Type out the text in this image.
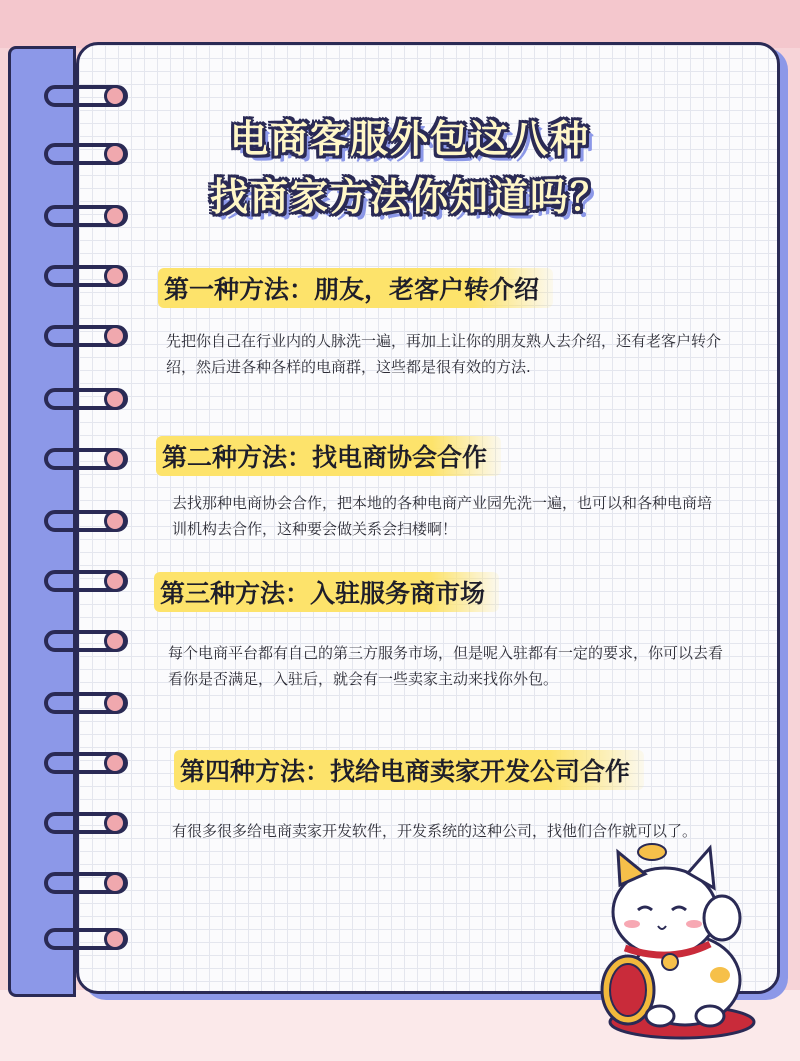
电商客服外包这八种
找商家方法你知道吗？
第一种方法：朋友，老客户转介绍
先把你自己在行业内的人脉洗一遍，再加上让你的朋友熟人去介绍，还有老客户转介绍，然后进各种各样的电商群，这些都是很有效的方法.
第二种方法：找电商协会合作
去找那种电商协会合作，把本地的各种电商产业园先洗一遍，也可以和各种电商培训机构去合作，这种要会做关系会扫楼啊！
第三种方法：入驻服务商市场
每个电商平台都有自己的第三方服务市场，但是呢入驻都有一定的要求，你可以去看看你是否满足，入驻后，就会有一些卖家主动来找你外包。
第四种方法：找给电商卖家开发公司合作
有很多很多给电商卖家开发软件，开发系统的这种公司，找他们合作就可以了。
